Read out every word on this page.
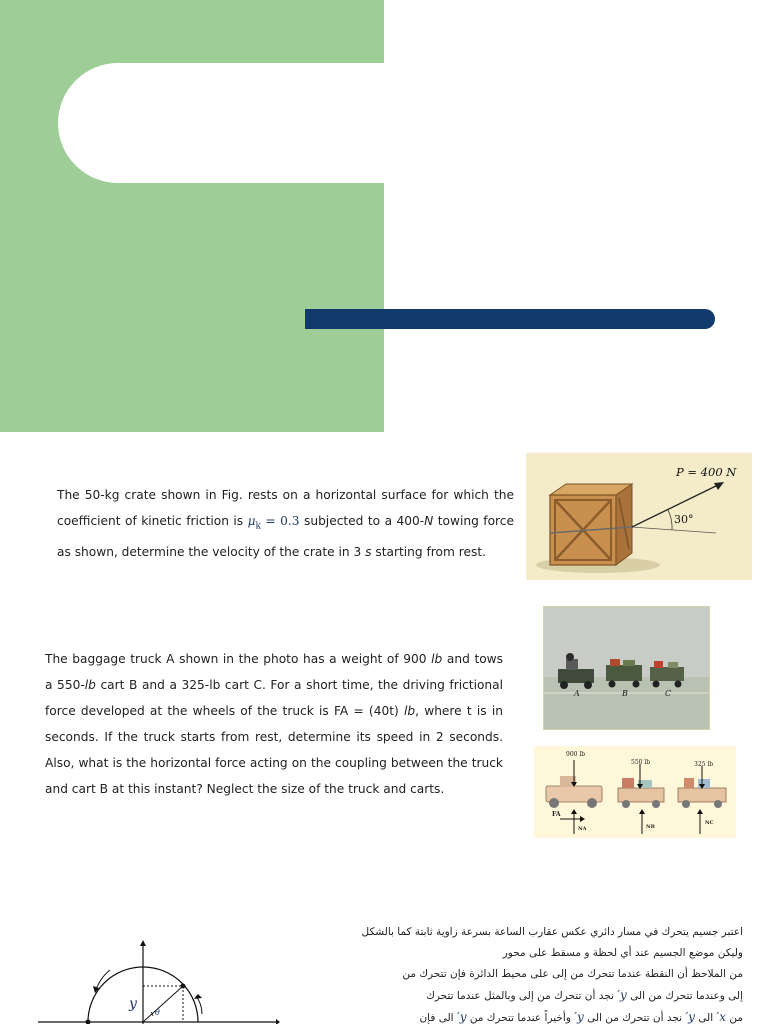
The 50-kg crate shown in Fig. rests on a horizontal surface for which the coefficient of kinetic friction is $\mu_k = 0.3$ subjected to a 400-N towing force as shown, determine the velocity of the crate in 3 s starting from rest.

P = 400 N
30°

The baggage truck A shown in the photo has a weight of 900 lb and tows a 550-lb cart B and a 325-lb cart C. For a short time, the driving frictional force developed at the wheels of the truck is FA = (40t) lb, where t is in seconds. If the truck starts from rest, determine its speed in 2 seconds. Also, what is the horizontal force acting on the coupling between the truck and cart B at this instant? Neglect the size of the truck and carts.

A	B	C
900 lb
550 lb	325 lb
FA
NA	NB
NC
y
θ
اعتبر جسيم يتحرك في مسار دائري عكس عقارب الساعة بسرعة زاوية ثابتة كما بالشكل
وليكن موضع الجسيم عند أي لحظة و مسقط على محور
من الملاحظ أن النقطة عندما تتحرك من إلى على محيط الدائرة فإن تتحرك من
إلى وعندما تتحرك من الى y′ نجد أن تتحرك من إلى وبالمثل عندما تتحرك
من x′ الى y′ نجد أن تتحرك من الى y′ وأخيراً عندما تتحرك من y′ الى فإن
